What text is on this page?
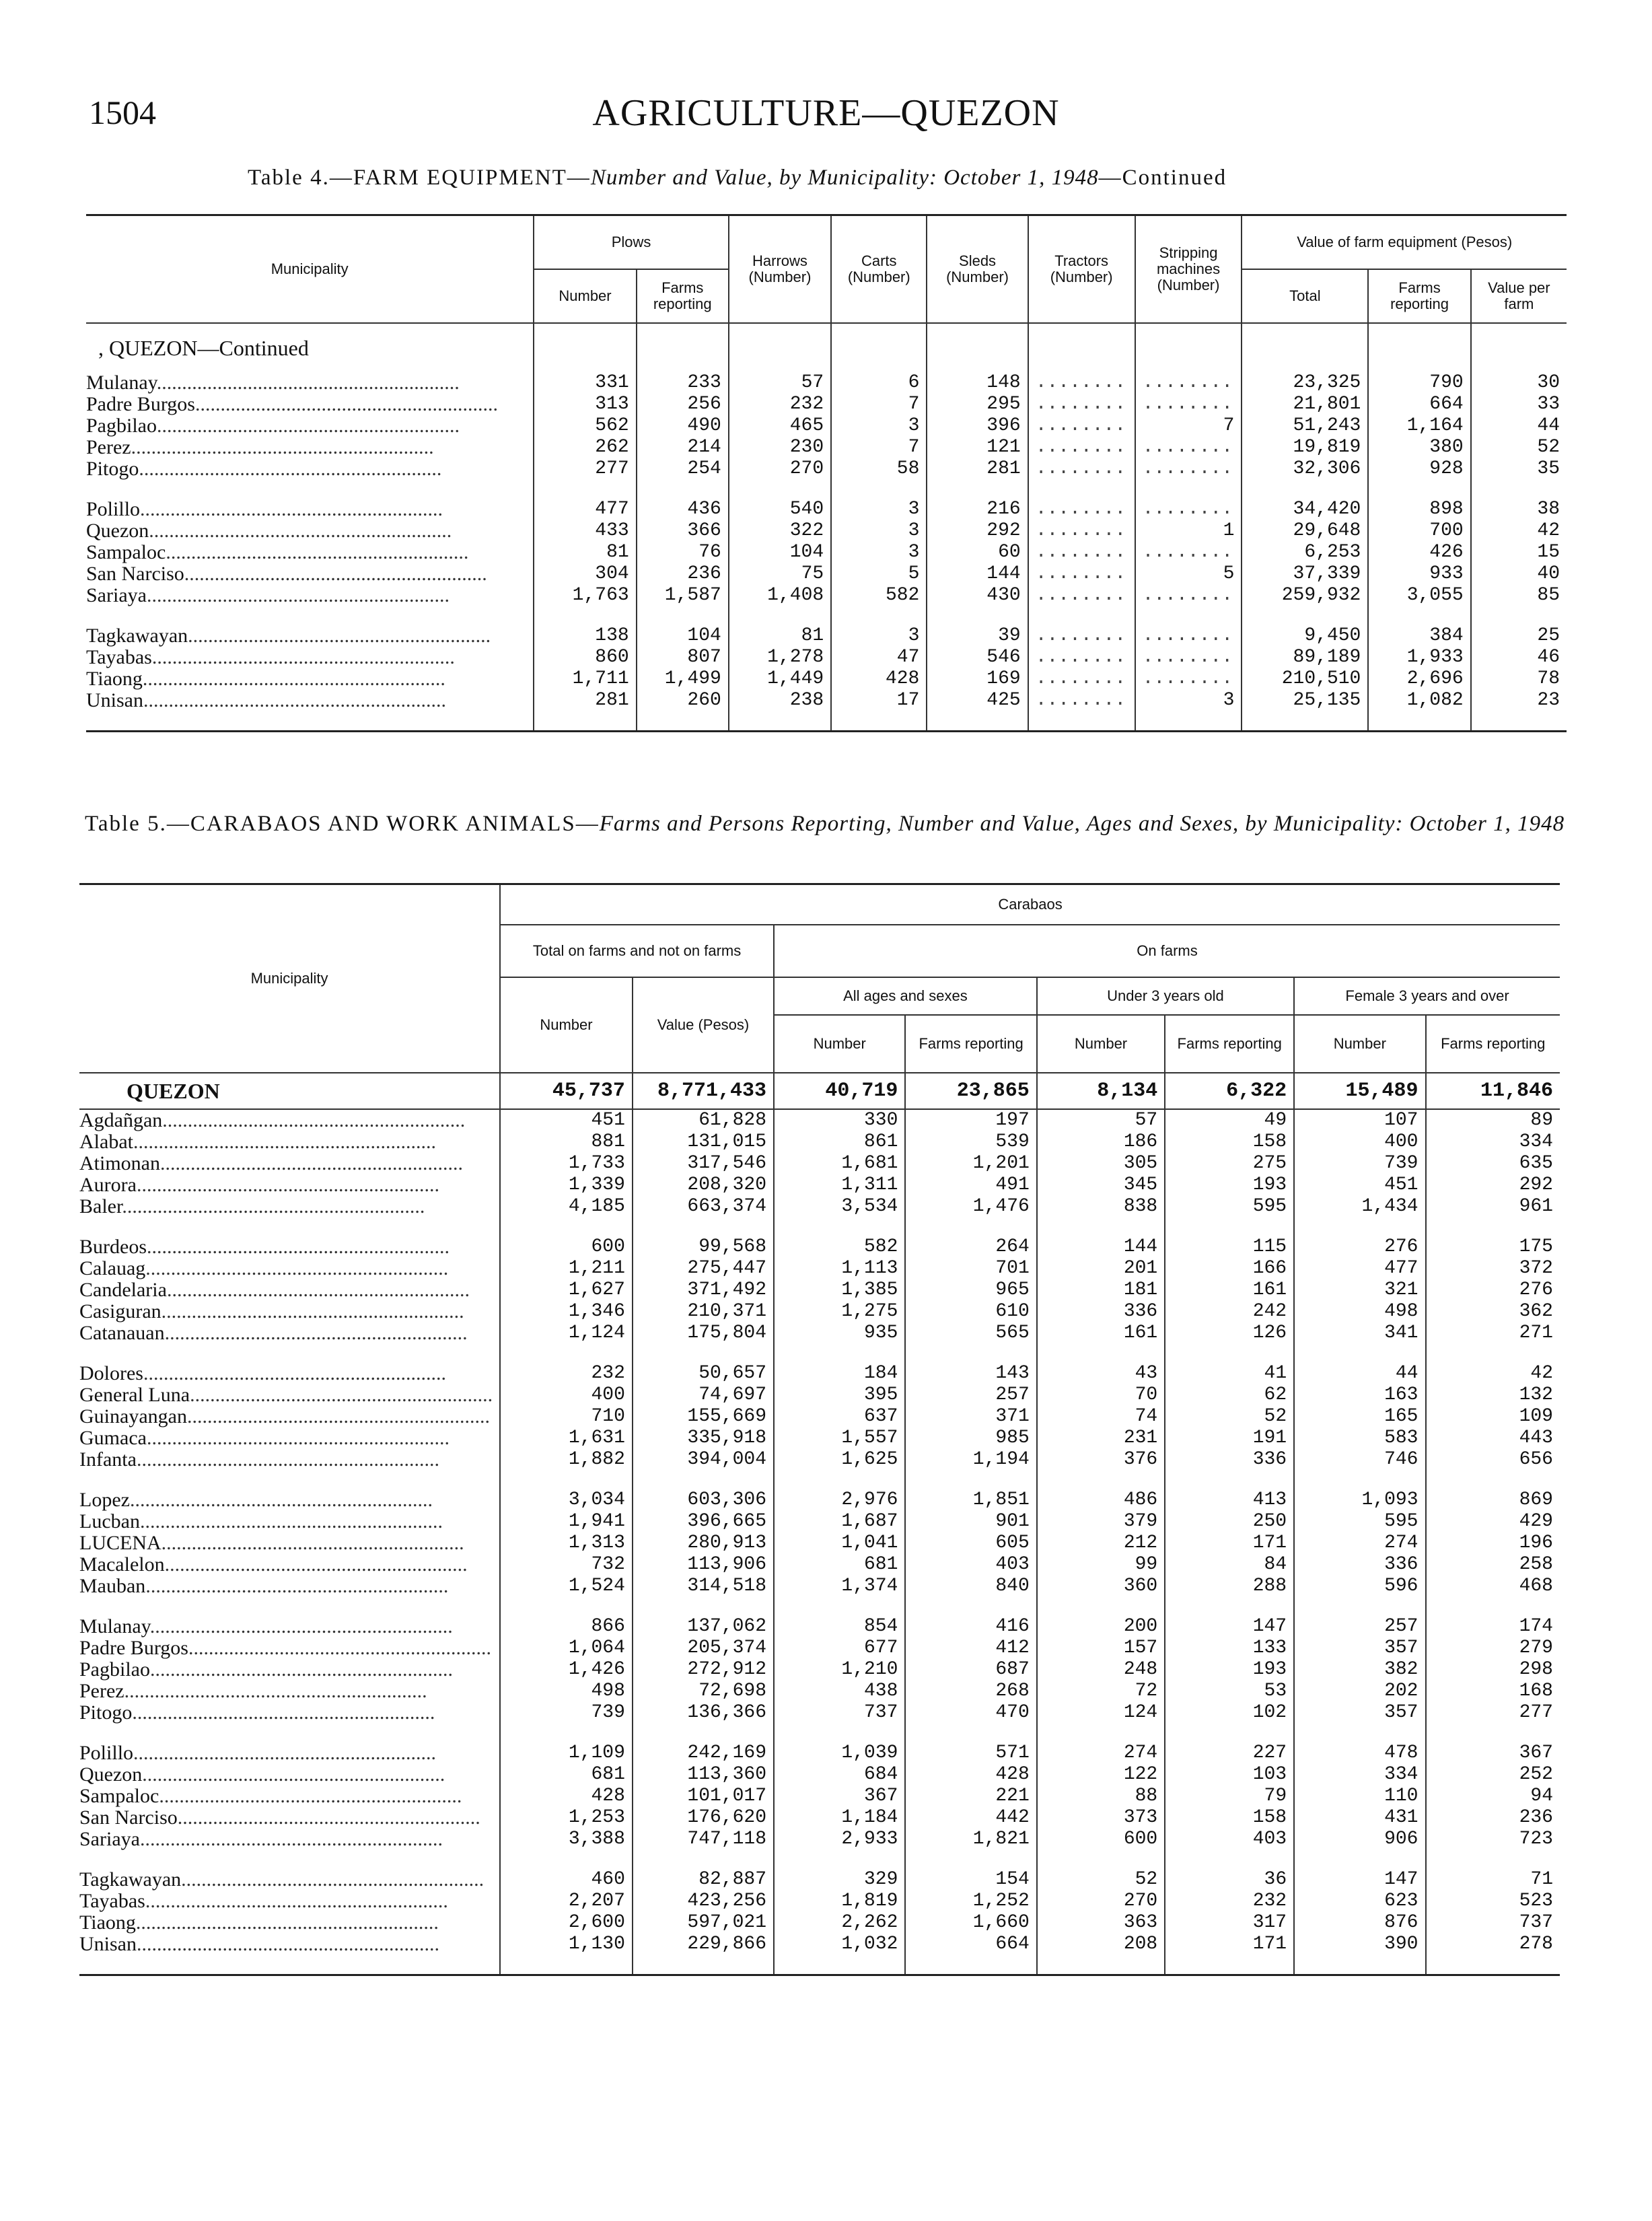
1504	AGRICULTURE—QUEZON
Table 4.—FARM EQUIPMENT—Number and Value, by Municipality: October 1, 1948—Continued
Municipality	Plows		Harrows (Number)	Carts (Number)	Sleds (Number)	Tractors (Number)	Stripping machines (Number)	Value of farm equipment (Pesos)		
	Number	Farms reporting						Total	Farms reporting	Value per farm
, QUEZON—Continued										
Mulanay............................................................	331	233	57	6	148	........	........	23,325	790	30
Padre Burgos............................................................	313	256	232	7	295	........	........	21,801	664	33
Pagbilao............................................................	562	490	465	3	396	........	7	51,243	1,164	44
Perez............................................................	262	214	230	7	121	........	........	19,819	380	52
Pitogo............................................................	277	254	270	58	281	........	........	32,306	928	35

Polillo............................................................	477	436	540	3	216	........	........	34,420	898	38
Quezon............................................................	433	366	322	3	292	........	1	29,648	700	42
Sampaloc............................................................	81	76	104	3	60	........	........	6,253	426	15
San Narciso............................................................	304	236	75	5	144	........	5	37,339	933	40
Sariaya............................................................	1,763	1,587	1,408	582	430	........	........	259,932	3,055	85

Tagkawayan............................................................	138	104	81	3	39	........	........	9,450	384	25
Tayabas............................................................	860	807	1,278	47	546	........	........	89,189	1,933	46
Tiaong............................................................	1,711	1,499	1,449	428	169	........	........	210,510	2,696	78
Unisan............................................................	281	260	238	17	425	........	3	25,135	1,082	23

Table 5.—CARABAOS AND WORK ANIMALS—Farms and Persons Reporting, Number and Value, Ages and Sexes, by Municipality: October 1, 1948
Municipality	Carabaos							
	Total on farms and not on farms		On farms					
	Number	Value (Pesos)	All ages and sexes		Under 3 years old		Female 3 years and over	
			Number	Farms reporting	Number	Farms reporting	Number	Farms reporting
QUEZON	45,737	8,771,433	40,719	23,865	8,134	6,322	15,489	11,846
Agdañgan............................................................	451	61,828	330	197	57	49	107	89
Alabat............................................................	881	131,015	861	539	186	158	400	334
Atimonan............................................................	1,733	317,546	1,681	1,201	305	275	739	635
Aurora............................................................	1,339	208,320	1,311	491	345	193	451	292
Baler............................................................	4,185	663,374	3,534	1,476	838	595	1,434	961

Burdeos............................................................	600	99,568	582	264	144	115	276	175
Calauag............................................................	1,211	275,447	1,113	701	201	166	477	372
Candelaria............................................................	1,627	371,492	1,385	965	181	161	321	276
Casiguran............................................................	1,346	210,371	1,275	610	336	242	498	362
Catanauan............................................................	1,124	175,804	935	565	161	126	341	271

Dolores............................................................	232	50,657	184	143	43	41	44	42
General Luna............................................................	400	74,697	395	257	70	62	163	132
Guinayangan............................................................	710	155,669	637	371	74	52	165	109
Gumaca............................................................	1,631	335,918	1,557	985	231	191	583	443
Infanta............................................................	1,882	394,004	1,625	1,194	376	336	746	656

Lopez............................................................	3,034	603,306	2,976	1,851	486	413	1,093	869
Lucban............................................................	1,941	396,665	1,687	901	379	250	595	429
LUCENA............................................................	1,313	280,913	1,041	605	212	171	274	196
Macalelon............................................................	732	113,906	681	403	99	84	336	258
Mauban............................................................	1,524	314,518	1,374	840	360	288	596	468

Mulanay............................................................	866	137,062	854	416	200	147	257	174
Padre Burgos............................................................	1,064	205,374	677	412	157	133	357	279
Pagbilao............................................................	1,426	272,912	1,210	687	248	193	382	298
Perez............................................................	498	72,698	438	268	72	53	202	168
Pitogo............................................................	739	136,366	737	470	124	102	357	277

Polillo............................................................	1,109	242,169	1,039	571	274	227	478	367
Quezon............................................................	681	113,360	684	428	122	103	334	252
Sampaloc............................................................	428	101,017	367	221	88	79	110	94
San Narciso............................................................	1,253	176,620	1,184	442	373	158	431	236
Sariaya............................................................	3,388	747,118	2,933	1,821	600	403	906	723

Tagkawayan............................................................	460	82,887	329	154	52	36	147	71
Tayabas............................................................	2,207	423,256	1,819	1,252	270	232	623	523
Tiaong............................................................	2,600	597,021	2,262	1,660	363	317	876	737
Unisan............................................................	1,130	229,866	1,032	664	208	171	390	278
